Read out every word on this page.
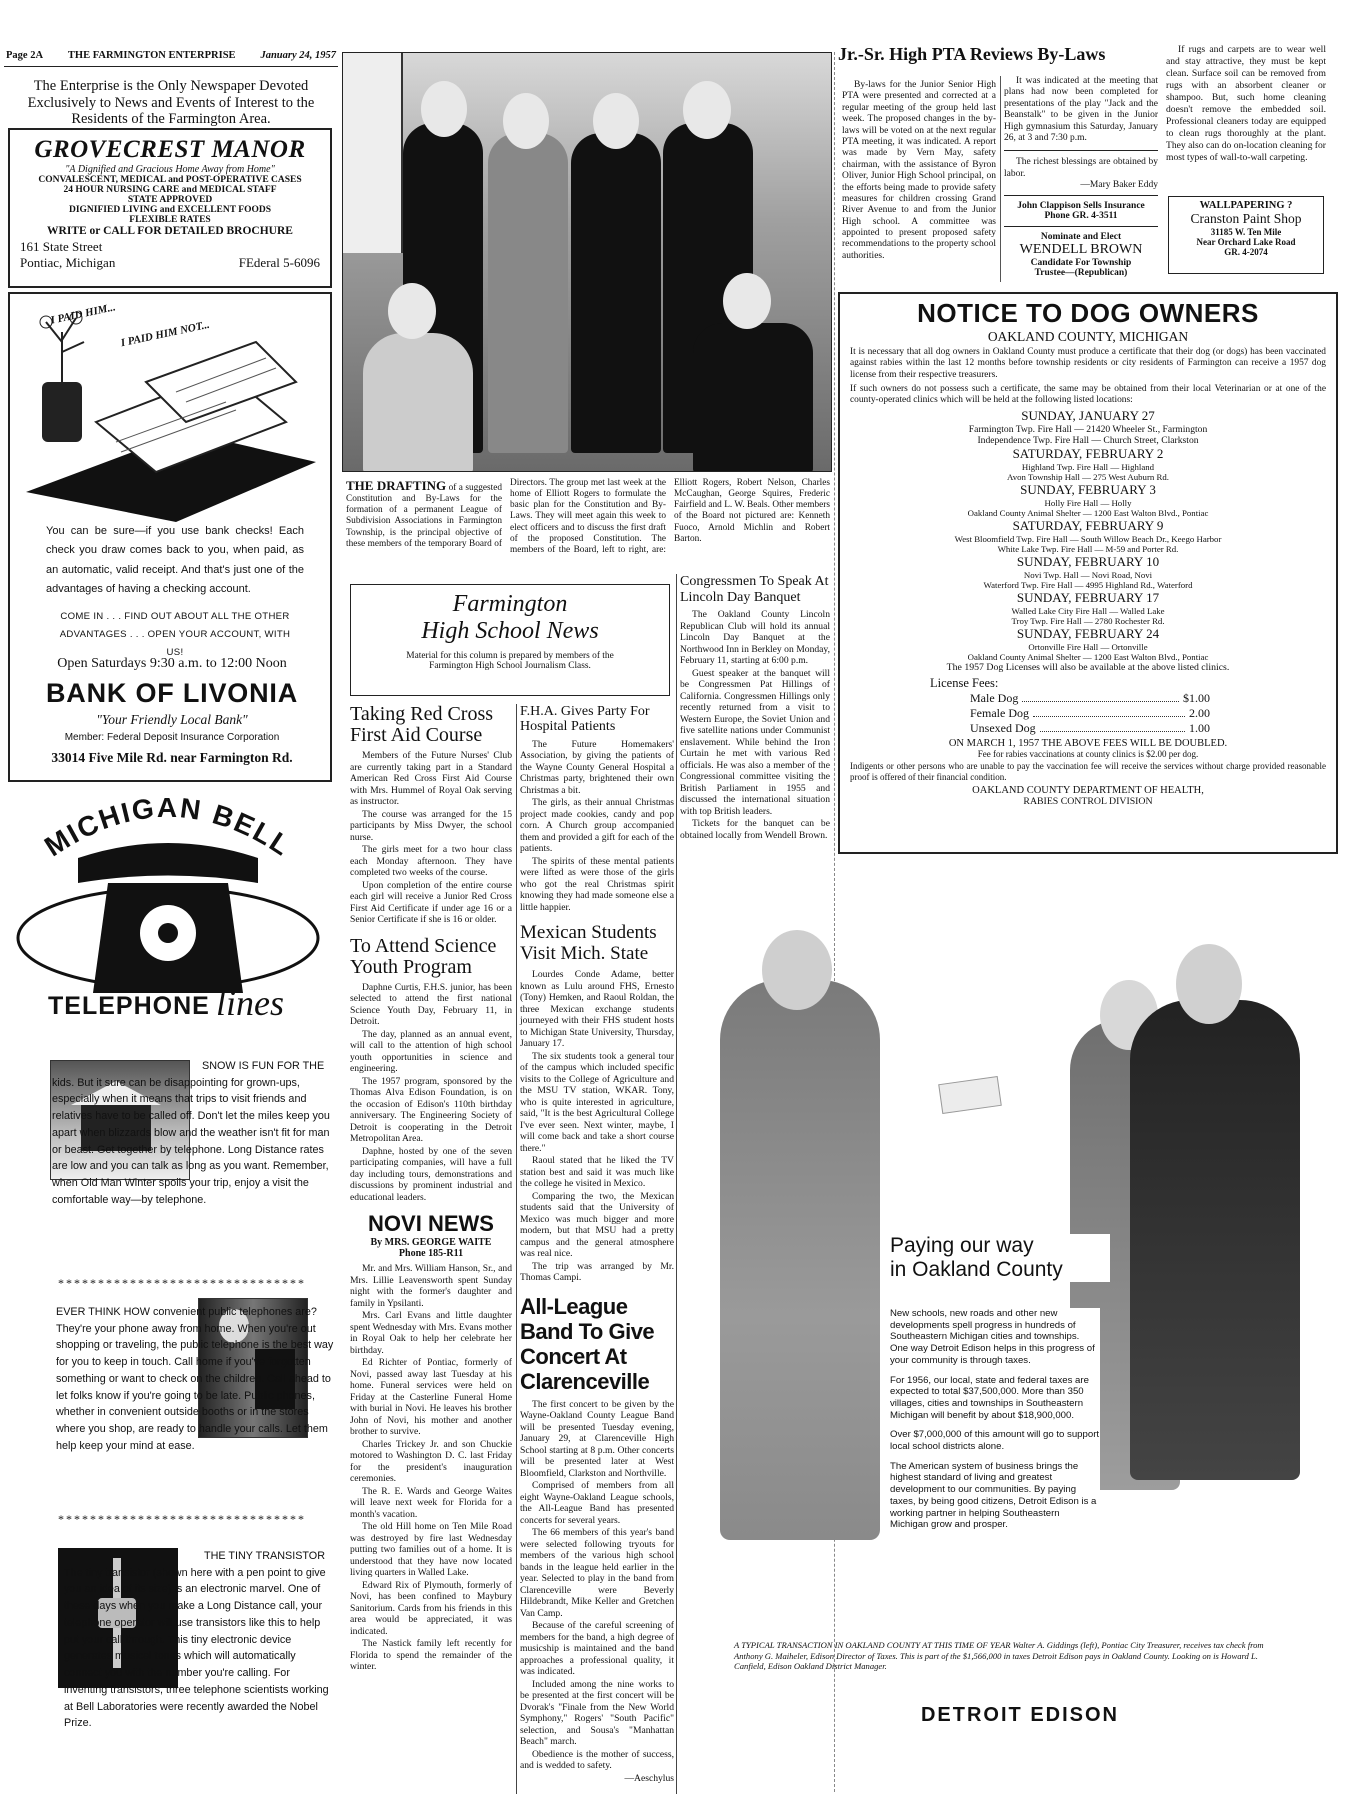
Page 2A THE FARMINGTON ENTERPRISE January 24, 1957
The Enterprise is the Only Newspaper Devoted Exclusively to News and Events of Interest to the Residents of the Farmington Area.
GROVECREST MANOR
"A Dignified and Gracious Home Away from Home"
CONVALESCENT, MEDICAL and POST-OPERATIVE CASES
24 HOUR NURSING CARE and MEDICAL STAFF
STATE APPROVED
DIGNIFIED LIVING and EXCELLENT FOODS
FLEXIBLE RATES
WRITE or CALL FOR DETAILED BROCHURE
161 State Street
Pontiac, Michigan	FEderal 5-6096
I PAID HIM...
I PAID HIM NOT...
You can be sure—if you use bank checks! Each check you draw comes back to you, when paid, as an automatic, valid receipt. And that's just one of the advantages of having a checking account.
COME IN . . . FIND OUT ABOUT ALL THE OTHER ADVANTAGES . . . OPEN YOUR ACCOUNT, WITH US!
Open Saturdays 9:30 a.m. to 12:00 Noon
BANK OF LIVONIA
"Your Friendly Local Bank"
Member: Federal Deposit Insurance Corporation
33014 Five Mile Rd. near Farmington Rd.
MICHIGAN BELL
TELEPHONE lines
SNOW IS FUN FOR THE kids. But it sure can be disappointing for grown-ups, especially when it means that trips to visit friends and relatives have to be called off. Don't let the miles keep you apart when blizzards blow and the weather isn't fit for man or beast. Get together by telephone. Long Distance rates are low and you can talk as long as you want. Remember, when Old Man Winter spoils your trip, enjoy a visit the comfortable way—by telephone.
*******************************
EVER THINK HOW convenient public telephones are? They're your phone away from home. When you're out shopping or traveling, the public telephone is the best way for you to keep in touch. Call home if you've forgotten something or want to check on the children. Call ahead to let folks know if you're going to be late. Public phones, whether in convenient outside booths or in the stores where you shop, are ready to handle your calls. Let them help keep your mind at ease.
*******************************
THE TINY TRANSISTOR The tiny transistor (shown here with a pen point to give you an idea of its size) is an electronic marvel. One of these days when you make a Long Distance call, your telephone operator will use transistors like this to help put your call through. This tiny electronic device generates musical tones which will automatically connect you with the number you're calling. For inventing transistors, three telephone scientists working at Bell Laboratories were recently awarded the Nobel Prize.
THE DRAFTING of a suggested Constitution and By-Laws for the formation of a permanent League of Subdivision Associations in Farmington Township, is the principal objective of these members of the temporary Board of Directors. The group met last week at the home of Elliott Rogers to formulate the basic plan for the Constitution and By-Laws. They will meet again this week to elect officers and to discuss the first draft of the proposed Constitution. The members of the Board, left to right, are: Elliott Rogers, Robert Nelson, Charles McCaughan, George Squires, Frederic Fairfield and L. W. Beals. Other members of the Board not pictured are: Kenneth Fuoco, Arnold Michlin and Robert Barton.
Farmington
High School News
Material for this column is prepared by members of the Farmington High School Journalism Class.
Taking Red Cross First Aid Course

Members of the Future Nurses' Club are currently taking part in a Standard American Red Cross First Aid Course with Mrs. Hummel of Royal Oak serving as instructor.

The course was arranged for the 15 participants by Miss Dwyer, the school nurse.

The girls meet for a two hour class each Monday afternoon. They have completed two weeks of the course.

Upon completion of the entire course each girl will receive a Junior Red Cross First Aid Certificate if under age 16 or a Senior Certificate if she is 16 or older.

To Attend Science Youth Program

Daphne Curtis, F.H.S. junior, has been selected to attend the first national Science Youth Day, February 11, in Detroit.

The day, planned as an annual event, will call to the attention of high school youth opportunities in science and engineering.

The 1957 program, sponsored by the Thomas Alva Edison Foundation, is on the occasion of Edison's 110th birthday anniversary. The Engineering Society of Detroit is cooperating in the Detroit Metropolitan Area.

Daphne, hosted by one of the seven participating companies, will have a full day including tours, demonstrations and discussions by prominent industrial and educational leaders.

NOVI NEWS
By MRS. GEORGE WAITE
Phone 185-R11

Mr. and Mrs. William Hanson, Sr., and Mrs. Lillie Leavensworth spent Sunday night with the former's daughter and family in Ypsilanti.

Mrs. Carl Evans and little daughter spent Wednesday with Mrs. Evans mother in Royal Oak to help her celebrate her birthday.

Ed Richter of Pontiac, formerly of Novi, passed away last Tuesday at his home. Funeral services were held on Friday at the Casterline Funeral Home with burial in Novi. He leaves his brother John of Novi, his mother and another brother to survive.

Charles Trickey Jr. and son Chuckie motored to Washington D. C. last Friday for the president's inauguration ceremonies.

The R. E. Wards and George Waites will leave next week for Florida for a month's vacation.

The old Hill home on Ten Mile Road was destroyed by fire last Wednesday putting two families out of a home. It is understood that they have now located living quarters in Walled Lake.

Edward Rix of Plymouth, formerly of Novi, has been confined to Maybury Sanitorium. Cards from his friends in this area would be appreciated, it was indicated.

The Nastick family left recently for Florida to spend the remainder of the winter.

F.H.A. Gives Party For Hospital Patients

The Future Homemakers' Association, by giving the patients of the Wayne County General Hospital a Christmas party, brightened their own Christmas a bit.

The girls, as their annual Christmas project made cookies, candy and pop corn. A Church group accompanied them and provided a gift for each of the patients.

The spirits of these mental patients were lifted as were those of the girls who got the real Christmas spirit knowing they had made someone else a little happier.

Mexican Students Visit Mich. State

Lourdes Conde Adame, better known as Lulu around FHS, Ernesto (Tony) Hemken, and Raoul Roldan, the three Mexican exchange students journeyed with their FHS student hosts to Michigan State University, Thursday, January 17.

The six students took a general tour of the campus which included specific visits to the College of Agriculture and the MSU TV station, WKAR. Tony, who is quite interested in agriculture, said, "It is the best Agricultural College I've ever seen. Next winter, maybe, I will come back and take a short course there."

Raoul stated that he liked the TV station best and said it was much like the college he visited in Mexico.

Comparing the two, the Mexican students said that the University of Mexico was much bigger and more modern, but that MSU had a pretty campus and the general atmosphere was real nice.

The trip was arranged by Mr. Thomas Campi.

All-League Band To Give Concert At Clarenceville

The first concert to be given by the Wayne-Oakland County League Band will be presented Tuesday evening, January 29, at Clarenceville High School starting at 8 p.m. Other concerts will be presented later at West Bloomfield, Clarkston and Northville.

Comprised of members from all eight Wayne-Oakland League schools, the All-League Band has presented concerts for several years.

The 66 members of this year's band were selected following tryouts for members of the various high school bands in the league held earlier in the year. Selected to play in the band from Clarenceville were Beverly Hildebrandt, Mike Keller and Gretchen Van Camp.

Because of the careful screening of members for the band, a high degree of musicship is maintained and the band approaches a professional quality, it was indicated.

Included among the nine works to be presented at the first concert will be Dvorak's "Finale from the New World Symphony," Rogers' "South Pacific" selection, and Sousa's "Manhattan Beach" march.

Obedience is the mother of success, and is wedded to safety.

—Aeschylus
Congressmen To Speak At Lincoln Day Banquet

The Oakland County Lincoln Republican Club will hold its annual Lincoln Day Banquet at the Northwood Inn in Berkley on Monday, February 11, starting at 6:00 p.m.

Guest speaker at the banquet will be Congressmen Pat Hillings of California. Congressmen Hillings only recently returned from a visit to Western Europe, the Soviet Union and five satellite nations under Communist enslavement. While behind the Iron Curtain he met with various Red officials. He was also a member of the Congressional committee visiting the British Parliament in 1955 and discussed the international situation with top British leaders.

Tickets for the banquet can be obtained locally from Wendell Brown.

Jr.-Sr. High PTA Reviews By-Laws
By-laws for the Junior Senior High PTA were presented and corrected at a regular meeting of the group held last week. The proposed changes in the by-laws will be voted on at the next regular PTA meeting, it was indicated. A report was made by Vern May, safety chairman, with the assistance of Byron Oliver, Junior High School principal, on the efforts being made to provide safety measures for children crossing Grand River Avenue to and from the Junior High school. A committee was appointed to present proposed safety recommendations to the property school authorities.
It was indicated at the meeting that plans had now been completed for presentations of the play "Jack and the Beanstalk" to be given in the Junior High gymnasium this Saturday, January 26, at 3 and 7:30 p.m.
The richest blessings are obtained by labor.
—Mary Baker Eddy
John Clappison Sells Insurance
Phone GR. 4-3511
Nominate and Elect
WENDELL BROWN
Candidate For Township
Trustee—(Republican)
If rugs and carpets are to wear well and stay attractive, they must be kept clean. Surface soil can be removed from rugs with an absorbent cleaner or shampoo. But, such home cleaning doesn't remove the embedded soil. Professional cleaners today are equipped to clean rugs thoroughly at the plant. They also can do on-location cleaning for most types of wall-to-wall carpeting.
WALLPAPERING ?
Cranston Paint Shop
31185 W. Ten Mile
Near Orchard Lake Road
GR. 4-2074
NOTICE TO DOG OWNERS
OAKLAND COUNTY, MICHIGAN
It is necessary that all dog owners in Oakland County must produce a certificate that their dog (or dogs) has been vaccinated against rabies within the last 12 months before township residents or city residents of Farmington can receive a 1957 dog license from their respective treasurers.
If such owners do not possess such a certificate, the same may be obtained from their local Veterinarian or at one of the county-operated clinics which will be held at the following listed locations:
SUNDAY, JANUARY 27
Farmington Twp. Fire Hall — 21420 Wheeler St., Farmington
Independence Twp. Fire Hall — Church Street, Clarkston
SATURDAY, FEBRUARY 2
Highland Twp. Fire Hall — Highland
Avon Township Hall — 275 West Auburn Rd.
SUNDAY, FEBRUARY 3
Holly Fire Hall — Holly
Oakland County Animal Shelter — 1200 East Walton Blvd., Pontiac
SATURDAY, FEBRUARY 9
West Bloomfield Twp. Fire Hall — South Willow Beach Dr., Keego Harbor
White Lake Twp. Fire Hall — M-59 and Porter Rd.
SUNDAY, FEBRUARY 10
Novi Twp. Hall — Novi Road, Novi
Waterford Twp. Fire Hall — 4995 Highland Rd., Waterford
SUNDAY, FEBRUARY 17
Walled Lake City Fire Hall — Walled Lake
Troy Twp. Fire Hall — 2780 Rochester Rd.
SUNDAY, FEBRUARY 24
Ortonville Fire Hall — Ortonville
Oakland County Animal Shelter — 1200 East Walton Blvd., Pontiac
The 1957 Dog Licenses will also be available at the above listed clinics.
License Fees:
Male Dog	$1.00
Female Dog	2.00
Unsexed Dog	1.00
ON MARCH 1, 1957 THE ABOVE FEES WILL BE DOUBLED.
Fee for rabies vaccinations at county clinics is $2.00 per dog.
Indigents or other persons who are unable to pay the vaccination fee will receive the services without charge provided reasonable proof is offered of their financial condition.
OAKLAND COUNTY DEPARTMENT OF HEALTH,
RABIES CONTROL DIVISION
Paying our way
in Oakland County

New schools, new roads and other new developments spell progress in hundreds of Southeastern Michigan cities and townships. One way Detroit Edison helps in this progress of your community is through taxes.

For 1956, our local, state and federal taxes are expected to total $37,500,000. More than 350 villages, cities and townships in Southeastern Michigan will benefit by about $18,900,000.

Over $7,000,000 of this amount will go to support local school districts alone.

The American system of business brings the highest standard of living and greatest development to our communities. By paying taxes, by being good citizens, Detroit Edison is a working partner in helping Southeastern Michigan grow and prosper.

A TYPICAL TRANSACTION IN OAKLAND COUNTY AT THIS TIME OF YEAR Walter A. Giddings (left), Pontiac City Treasurer, receives tax check from Anthony G. Maiheler, Edison Director of Taxes. This is part of the $1,566,000 in taxes Detroit Edison pays in Oakland County. Looking on is Howard L. Canfield, Edison Oakland District Manager.
DETROIT EDISON
